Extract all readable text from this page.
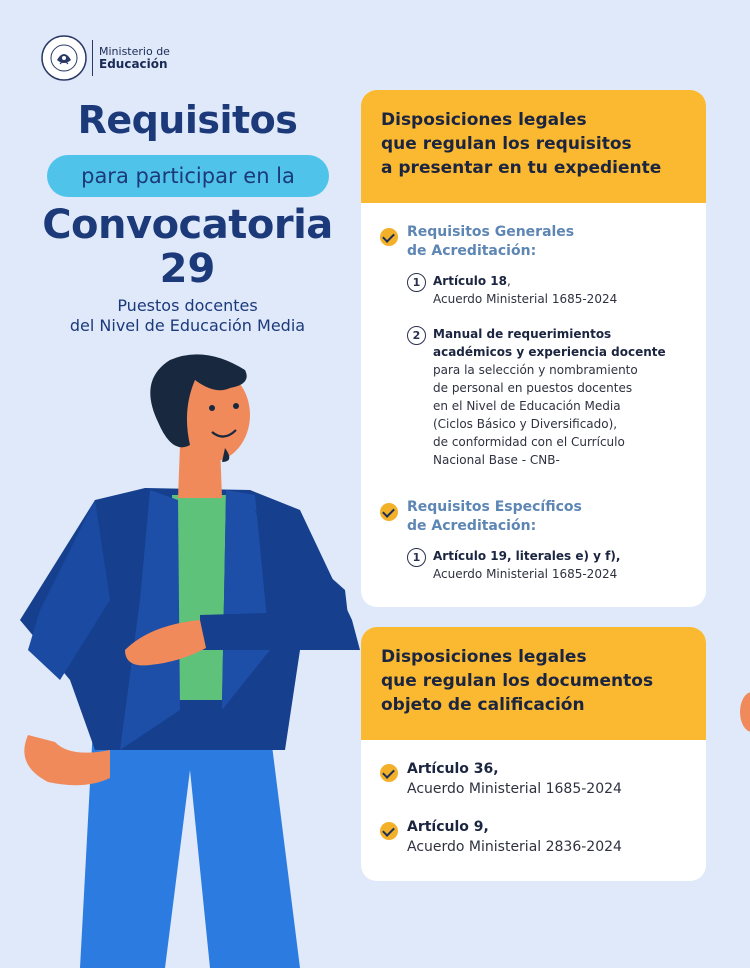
Ministerio de
Educación
Requisitos
para participar en la
Convocatoria
29
Puestos docentes
del Nivel de Educación Media
Disposiciones legales
que regulan los requisitos
a presentar en tu expediente
Requisitos Generales
de Acreditación:
1	Artículo 18,
Acuerdo Ministerial 1685-2024
2	Manual de requerimientos
académicos y experiencia docente
para la selección y nombramiento
de personal en puestos docentes
en el Nivel de Educación Media
(Ciclos Básico y Diversificado),
de conformidad con el Currículo
Nacional Base - CNB-
Requisitos Específicos
de Acreditación:
1	Artículo 19, literales e) y f),
Acuerdo Ministerial 1685-2024
Disposiciones legales
que regulan los documentos
objeto de calificación
Artículo 36,
Acuerdo Ministerial 1685-2024
Artículo 9,
Acuerdo Ministerial 2836-2024
